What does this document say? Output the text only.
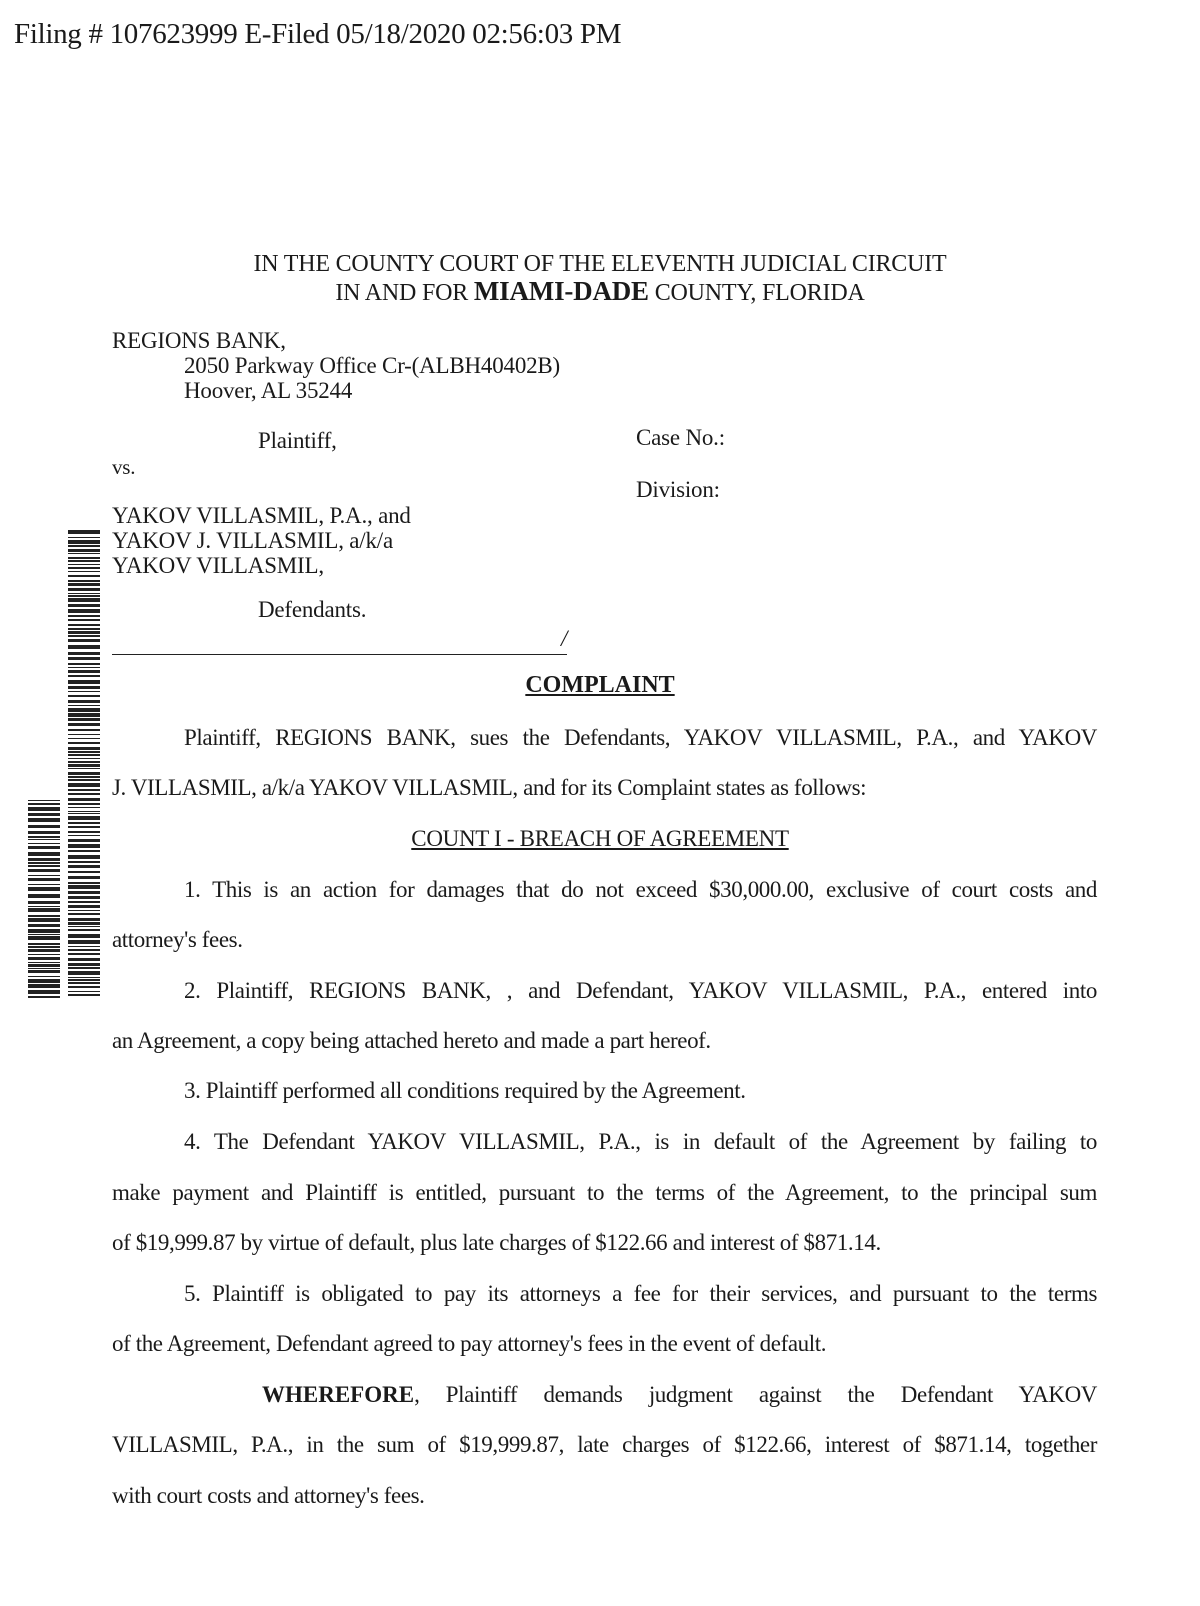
Filing # 107623999 E-Filed 05/18/2020 02:56:03 PM
IN THE COUNTY COURT OF THE ELEVENTH JUDICIAL CIRCUIT
IN AND FOR MIAMI-DADE COUNTY, FLORIDA
REGIONS BANK,
2050 Parkway Office Cr-(ALBH40402B)
Hoover, AL 35244
Plaintiff,	Case No.:
vs.
Division:
YAKOV VILLASMIL, P.A., and
YAKOV J. VILLASMIL, a/k/a
YAKOV VILLASMIL,
Defendants.
/
COMPLAINT
Plaintiff, REGIONS BANK, sues the Defendants, YAKOV VILLASMIL, P.A., and YAKOV
J. VILLASMIL, a/k/a YAKOV VILLASMIL, and for its Complaint states as follows:
COUNT I - BREACH OF AGREEMENT
1. This is an action for damages that do not exceed $30,000.00, exclusive of court costs and
attorney's fees.
2. Plaintiff, REGIONS BANK, , and Defendant, YAKOV VILLASMIL, P.A., entered into
an Agreement, a copy being attached hereto and made a part hereof.
3. Plaintiff performed all conditions required by the Agreement.
4. The Defendant YAKOV VILLASMIL, P.A., is in default of the Agreement by failing to
make payment and Plaintiff is entitled, pursuant to the terms of the Agreement, to the principal sum
of $19,999.87 by virtue of default, plus late charges of $122.66 and interest of $871.14.
5. Plaintiff is obligated to pay its attorneys a fee for their services, and pursuant to the terms
of the Agreement, Defendant agreed to pay attorney's fees in the event of default.
WHEREFORE , Plaintiff demands judgment against the Defendant YAKOV
VILLASMIL, P.A., in the sum of $19,999.87, late charges of $122.66, interest of $871.14, together
with court costs and attorney's fees.
